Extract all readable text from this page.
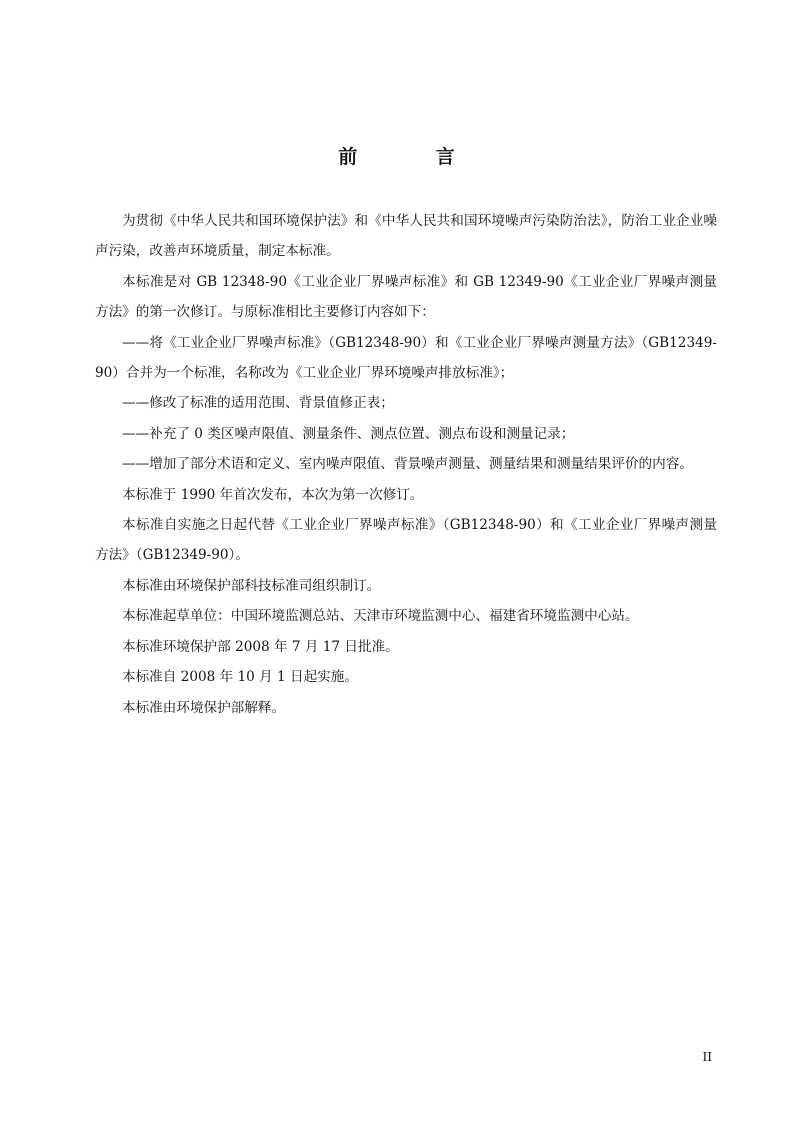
前 言

为贯彻《中华人民共和国环境保护法》和《中华人民共和国环境噪声污染防治法》，防治工业企业噪声污染，改善声环境质量，制定本标准。

本标准是对 GB 12348-90《工业企业厂界噪声标准》和 GB 12349-90《工业企业厂界噪声测量方法》的第一次修订。与原标准相比主要修订内容如下：

——将《工业企业厂界噪声标准》（GB12348-90）和《工业企业厂界噪声测量方法》（GB12349-90）合并为一个标准，名称改为《工业企业厂界环境噪声排放标准》；

——修改了标准的适用范围、背景值修正表；

——补充了 0 类区噪声限值、测量条件、测点位置、测点布设和测量记录；

——增加了部分术语和定义、室内噪声限值、背景噪声测量、测量结果和测量结果评价的内容。

本标准于 1990 年首次发布，本次为第一次修订。

本标准自实施之日起代替《工业企业厂界噪声标准》（GB12348-90）和《工业企业厂界噪声测量方法》（GB12349-90）。

本标准由环境保护部科技标准司组织制订。

本标准起草单位：中国环境监测总站、天津市环境监测中心、福建省环境监测中心站。

本标准环境保护部 2008 年 7 月 17 日批准。

本标准自 2008 年 10 月 1 日起实施。

本标准由环境保护部解释。

II
